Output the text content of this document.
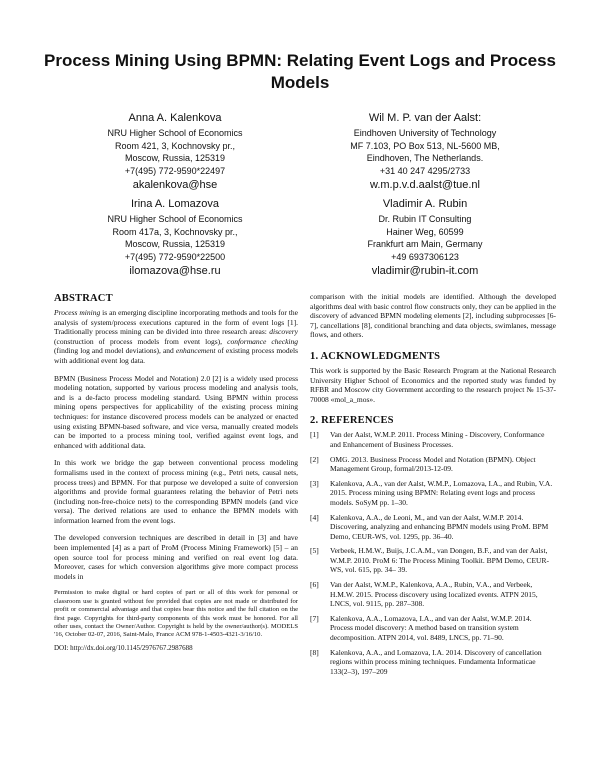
Process Mining Using BPMN: Relating Event Logs and Process Models
Anna A. Kalenkova
NRU Higher School of Economics
Room 421, 3, Kochnovsky pr.,
Moscow, Russia, 125319
+7(495) 772-9590*22497
akalenkova@hse
Wil M. P. van der Aalst:
Eindhoven University of Technology
MF 7.103, PO Box 513, NL-5600 MB,
Eindhoven, The Netherlands.
+31 40 247 4295/2733
w.m.p.v.d.aalst@tue.nl
Irina A. Lomazova
NRU Higher School of Economics
Room 417a, 3, Kochnovsky pr.,
Moscow, Russia, 125319
+7(495) 772-9590*22500
ilomazova@hse.ru
Vladimir A. Rubin
Dr. Rubin IT Consulting
Hainer Weg, 60599
Frankfurt am Main, Germany
+49 6937306123
vladimir@rubin-it.com
ABSTRACT

Process mining is an emerging discipline incorporating methods and tools for the analysis of system/process executions captured in the form of event logs [1]. Traditionally process mining can be divided into three research areas: discovery (construction of process models from event logs), conformance checking (finding log and model deviations), and enhancement of existing process models with additional event log data.

BPMN (Business Process Model and Notation) 2.0 [2] is a widely used process modeling notation, supported by various process modeling and analysis tools, and is a de-facto process modeling standard. Using BPMN within process mining opens perspectives for applicability of the existing process mining techniques: for instance discovered process models can be analyzed or enacted using existing BPMN-based software, and vice versa, manually created models can be imported to a process mining tool, verified against event logs, and enhanced with additional data.

In this work we bridge the gap between conventional process modeling formalisms used in the context of process mining (e.g., Petri nets, causal nets, process trees) and BPMN. For that purpose we developed a suite of conversion algorithms and provide formal guarantees relating the behavior of Petri nets (including non-free-choice nets) to the corresponding BPMN models (and vice versa). The derived relations are used to enhance the BPMN models with information learned from the event logs.

The developed conversion techniques are described in detail in [3] and have been implemented [4] as a part of ProM (Process Mining Framework) [5] – an open source tool for process mining and verified on real event log data. Moreover, cases for which conversion algorithms give more compact process models in

Permission to make digital or hard copies of part or all of this work for personal or classroom use is granted without fee provided that copies are not made or distributed for profit or commercial advantage and that copies bear this notice and the full citation on the first page. Copyrights for third-party components of this work must be honored. For all other uses, contact the Owner/Author. Copyright is held by the owner/author(s). MODELS '16, October 02-07, 2016, Saint-Malo, France ACM 978-1-4503-4321-3/16/10.
DOI: http://dx.doi.org/10.1145/2976767.2987688

comparison with the initial models are identified. Although the developed algorithms deal with basic control flow constructs only, they can be applied in the discovery of advanced BPMN modeling elements [2], including subprocesses [6-7], cancellations [8], conditional branching and data objects, swimlanes, message flows, and others.

1. ACKNOWLEDGMENTS

This work is supported by the Basic Research Program at the National Research University Higher School of Economics and the reported study was funded by RFBR and Moscow city Government according to the research project № 15-37-70008 «mol_a_mos».

2. REFERENCES
[1]	Van der Aalst, W.M.P. 2011. Process Mining - Discovery, Conformance and Enhancement of Business Processes.
[2]	OMG. 2013. Business Process Model and Notation (BPMN). Object Management Group, formal/2013-12-09.
[3]	Kalenkova, A.A., van der Aalst, W.M.P., Lomazova, I.A., and Rubin, V.A. 2015. Process mining using BPMN: Relating event logs and process models. SoSyM pp. 1–30.
[4]	Kalenkova, A.A., de Leoni, M., and van der Aalst, W.M.P. 2014. Discovering, analyzing and enhancing BPMN models using ProM. BPM Demo, CEUR-WS, vol. 1295, pp. 36–40.
[5]	Verbeek, H.M.W., Buijs, J.C.A.M., van Dongen, B.F., and van der Aalst, W.M.P. 2010. ProM 6: The Process Mining Toolkit. BPM Demo, CEUR-WS, vol. 615, pp. 34– 39.
[6]	Van der Aalst, W.M.P., Kalenkova, A.A., Rubin, V.A., and Verbeek, H.M.W. 2015. Process discovery using localized events. ATPN 2015, LNCS, vol. 9115, pp. 287–308.
[7]	Kalenkova, A.A., Lomazova, I.A., and van der Aalst, W.M.P. 2014. Process model discovery: A method based on transition system decomposition. ATPN 2014, vol. 8489, LNCS, pp. 71–90.
[8]	Kalenkova, A.A., and Lomazova, I.A. 2014. Discovery of cancellation regions within process mining techniques. Fundamenta Informaticae 133(2–3), 197–209
